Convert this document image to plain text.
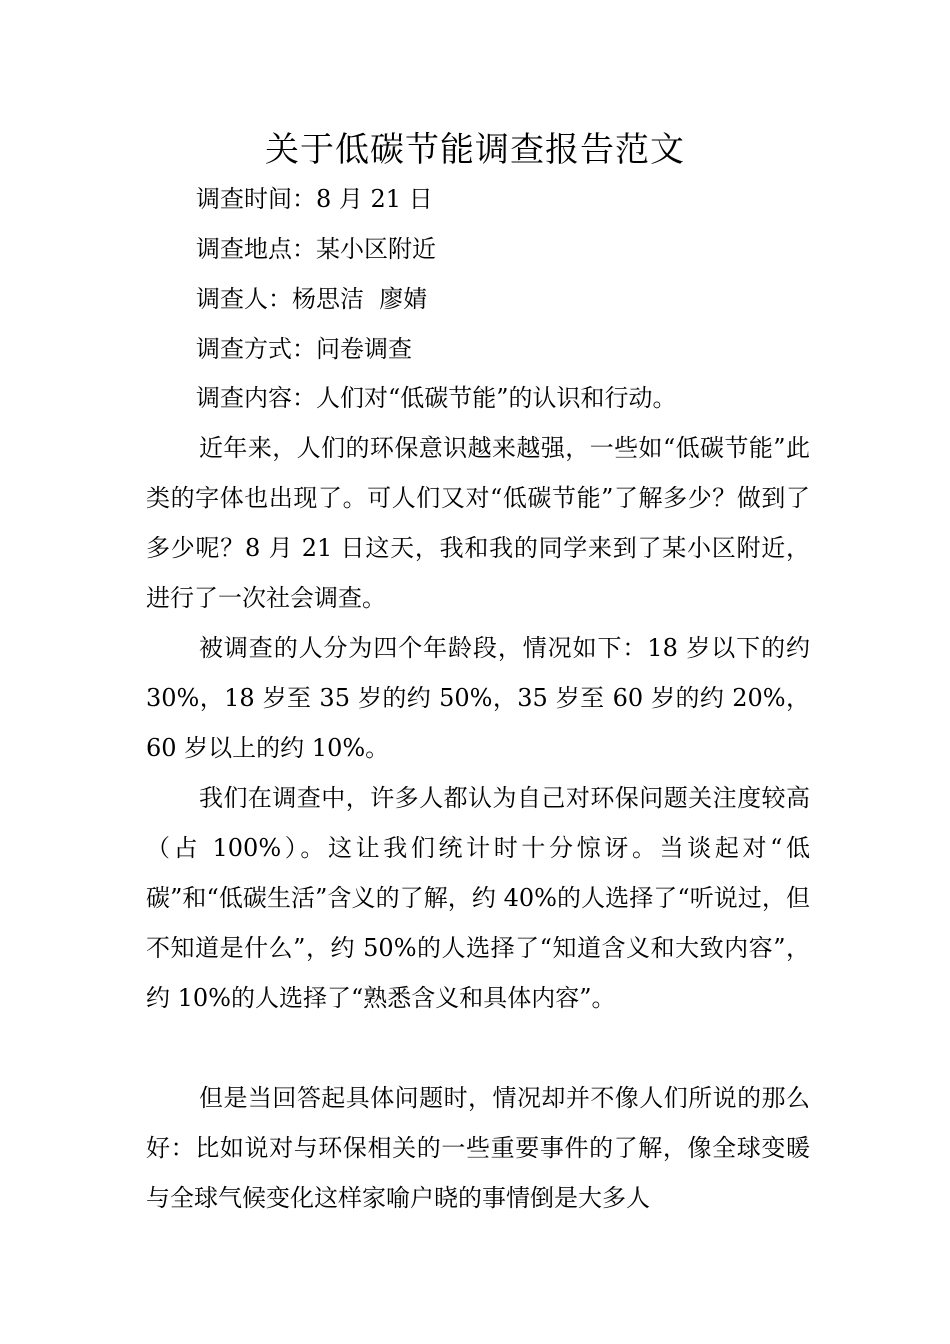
关于低碳节能调查报告范文

调查时间：8 月 21 日

调查地点：某小区附近

调查人：杨思洁  廖婧

调查方式：问卷调查

调查内容：人们对“低碳节能”的认识和行动。

近年来，人们的环保意识越来越强，一些如“低碳节能”此类的字体也出现了。可人们又对“低碳节能”了解多少？做到了多少呢？8 月 21 日这天，我和我的同学来到了某小区附近，进行了一次社会调查。

被调查的人分为四个年龄段，情况如下：18 岁以下的约 30%，18 岁至 35 岁的约 50%，35 岁至 60 岁的约 20%，60 岁以上的约 10%。

我们在调查中，许多人都认为自己对环保问题关注度较高（占 100%）。这让我们统计时十分惊讶。当谈起对“低碳”和“低碳生活”含义的了解，约 40%的人选择了“听说过，但不知道是什么”，约 50%的人选择了“知道含义和大致内容”，约 10%的人选择了“熟悉含义和具体内容”。

但是当回答起具体问题时，情况却并不像人们所说的那么好：比如说对与环保相关的一些重要事件的了解，像全球变暖与全球气候变化这样家喻户晓的事情倒是大多人
